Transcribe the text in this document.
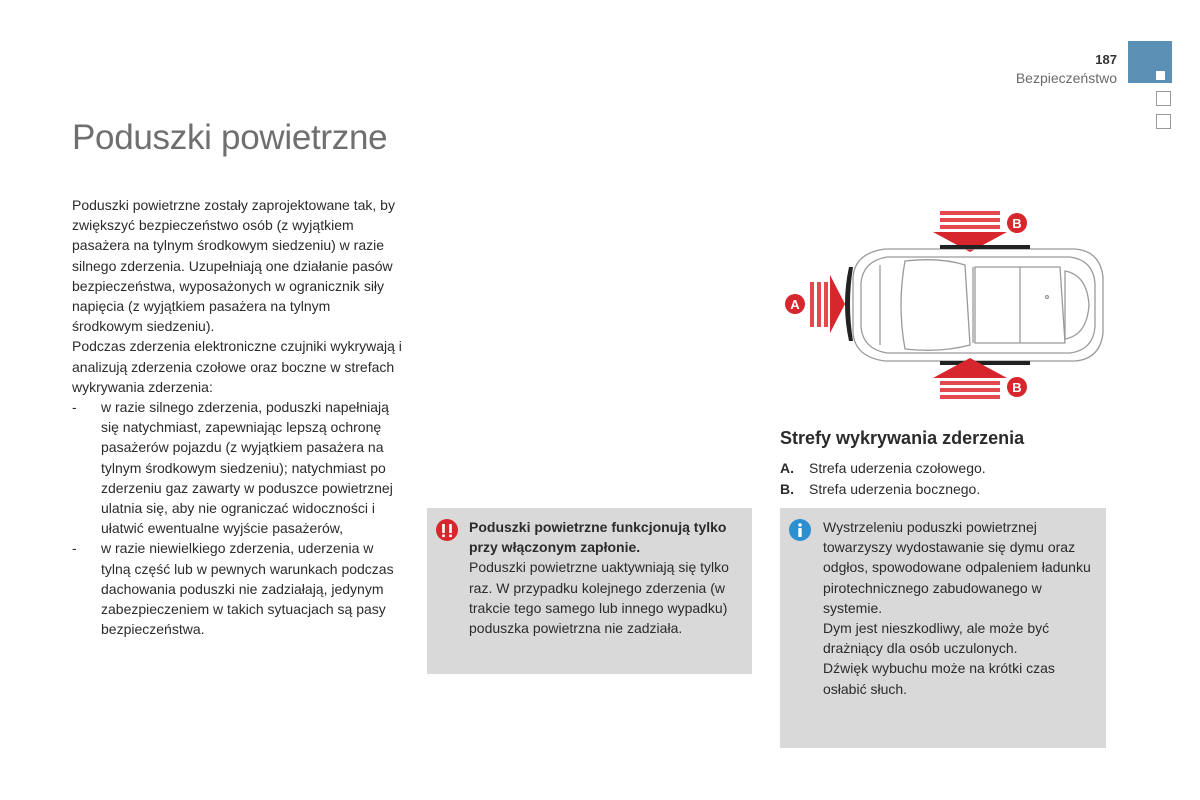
187
Bezpieczeństwo
Poduszki powietrzne

Poduszki powietrzne zostały zaprojektowane tak, by zwiększyć bezpieczeństwo osób (z wyjątkiem pasażera na tylnym środkowym siedzeniu) w razie silnego zderzenia. Uzupełniają one działanie pasów bezpieczeństwa, wyposażonych w ogranicznik siły napięcia (z wyjątkiem pasażera na tylnym środkowym siedzeniu).

Podczas zderzenia elektroniczne czujniki wykrywają i analizują zderzenia czołowe oraz boczne w strefach wykrywania zderzenia:

- w razie silnego zderzenia, poduszki napełniają się natychmiast, zapewniając lepszą ochronę pasażerów pojazdu (z wyjątkiem pasażera na tylnym środkowym siedzeniu); natychmiast po zderzeniu gaz zawarty w poduszce powietrznej ulatnia się, aby nie ograniczać widoczności i ułatwić ewentualne wyjście pasażerów,
- w razie niewielkiego zderzenia, uderzenia w tylną część lub w pewnych warunkach podczas dachowania poduszki nie zadziałają, jedynym zabezpieczeniem w takich sytuacjach są pasy bezpieczeństwa.
Poduszki powietrzne funkcjonują tylko przy włączonym zapłonie.
Poduszki powietrzne uaktywniają się tylko raz. W przypadku kolejnego zderzenia (w trakcie tego samego lub innego wypadku) poduszka powietrzna nie zadziała.
B
A
B
Strefy wykrywania zderzenia
A. Strefa uderzenia czołowego.
B. Strefa uderzenia bocznego.
Wystrzeleniu poduszki powietrznej towarzyszy wydostawanie się dymu oraz odgłos, spowodowane odpaleniem ładunku pirotechnicznego zabudowanego w systemie.
Dym jest nieszkodliwy, ale może być drażniący dla osób uczulonych.
Dźwięk wybuchu może na krótki czas osłabić słuch.
